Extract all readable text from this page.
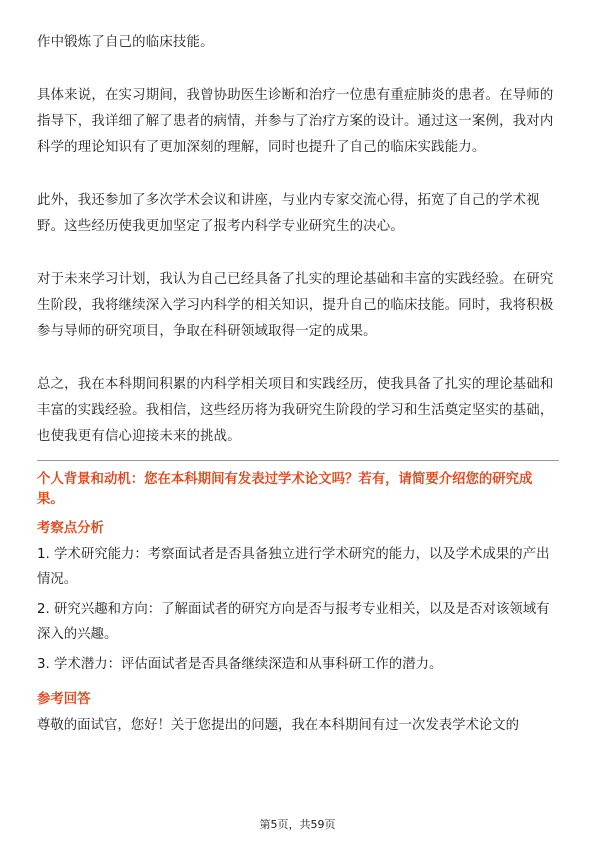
作中锻炼了自己的临床技能。

具体来说，在实习期间，我曾协助医生诊断和治疗一位患有重症肺炎的患者。在导师的指导下，我详细了解了患者的病情，并参与了治疗方案的设计。通过这一案例，我对内科学的理论知识有了更加深刻的理解，同时也提升了自己的临床实践能力。

此外，我还参加了多次学术会议和讲座，与业内专家交流心得，拓宽了自己的学术视野。这些经历使我更加坚定了报考内科学专业研究生的决心。

对于未来学习计划，我认为自己已经具备了扎实的理论基础和丰富的实践经验。在研究生阶段，我将继续深入学习内科学的相关知识，提升自己的临床技能。同时，我将积极参与导师的研究项目，争取在科研领域取得一定的成果。

总之，我在本科期间积累的内科学相关项目和实践经历，使我具备了扎实的理论基础和丰富的实践经验。我相信，这些经历将为我研究生阶段的学习和生活奠定坚实的基础，也使我更有信心迎接未来的挑战。

个人背景和动机：您在本科期间有发表过学术论文吗？若有，请简要介绍您的研究成果。

考察点分析

1. 学术研究能力：考察面试者是否具备独立进行学术研究的能力，以及学术成果的产出情况。

2. 研究兴趣和方向：了解面试者的研究方向是否与报考专业相关，以及是否对该领域有深入的兴趣。

3. 学术潜力：评估面试者是否具备继续深造和从事科研工作的潜力。

参考回答

尊敬的面试官，您好！关于您提出的问题，我在本科期间有过一次发表学术论文的

第5页，共59页
